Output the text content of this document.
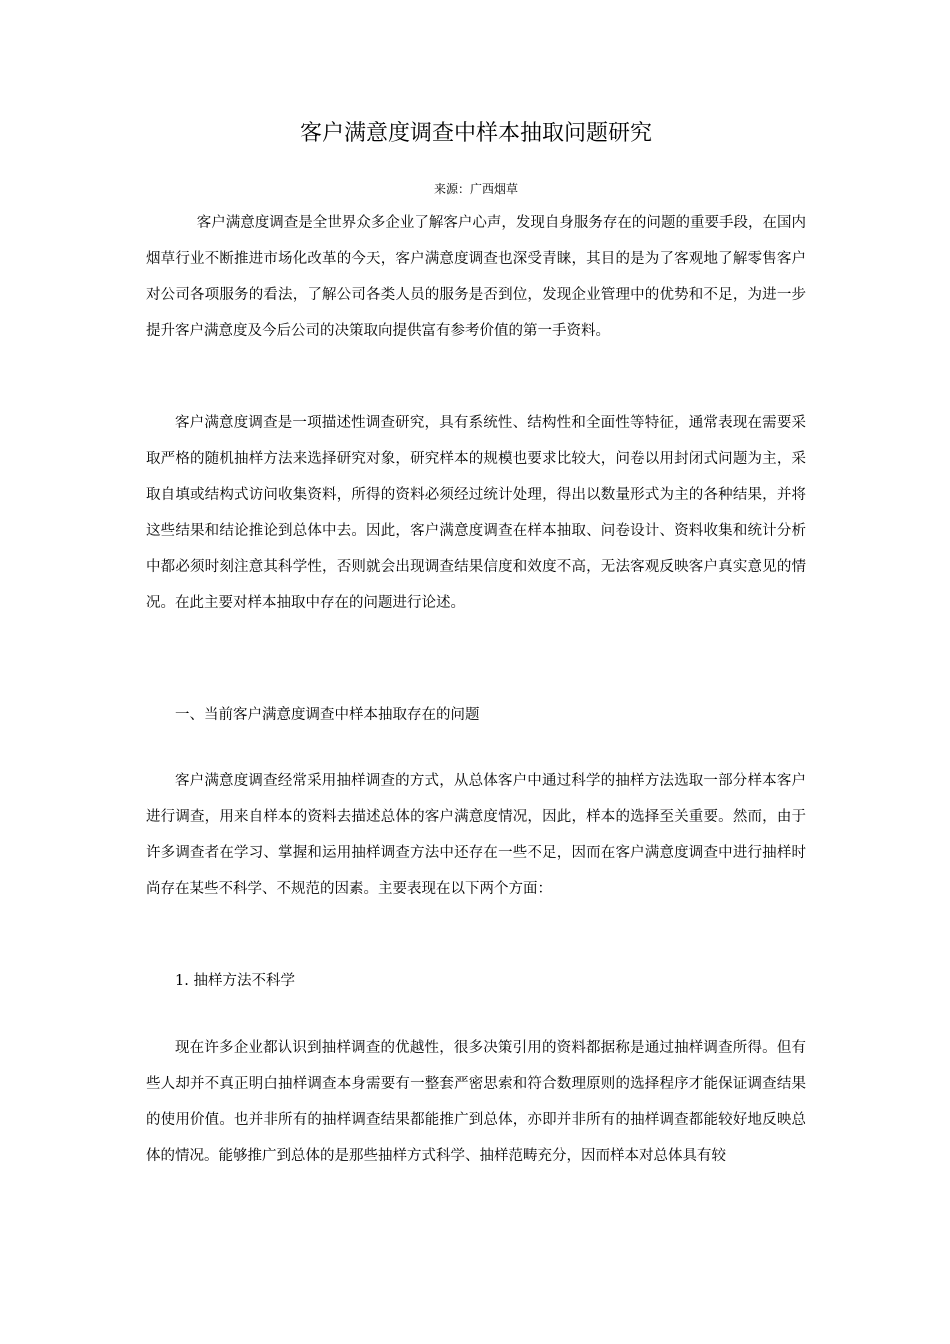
客户满意度调查中样本抽取问题研究
来源：广西烟草

客户满意度调查是全世界众多企业了解客户心声，发现自身服务存在的问题的重要手段，在国内烟草行业不断推进市场化改革的今天，客户满意度调查也深受青睐，其目的是为了客观地了解零售客户对公司各项服务的看法，了解公司各类人员的服务是否到位，发现企业管理中的优势和不足，为进一步提升客户满意度及今后公司的决策取向提供富有参考价值的第一手资料。

客户满意度调查是一项描述性调查研究，具有系统性、结构性和全面性等特征，通常表现在需要采取严格的随机抽样方法来选择研究对象，研究样本的规模也要求比较大，问卷以用封闭式问题为主，采取自填或结构式访问收集资料，所得的资料必须经过统计处理，得出以数量形式为主的各种结果，并将这些结果和结论推论到总体中去。因此，客户满意度调查在样本抽取、问卷设计、资料收集和统计分析中都必须时刻注意其科学性，否则就会出现调查结果信度和效度不高，无法客观反映客户真实意见的情况。在此主要对样本抽取中存在的问题进行论述。

一、当前客户满意度调查中样本抽取存在的问题

客户满意度调查经常采用抽样调查的方式，从总体客户中通过科学的抽样方法选取一部分样本客户进行调查，用来自样本的资料去描述总体的客户满意度情况，因此，样本的选择至关重要。然而，由于许多调查者在学习、掌握和运用抽样调查方法中还存在一些不足，因而在客户满意度调查中进行抽样时尚存在某些不科学、不规范的因素。主要表现在以下两个方面：

1. 抽样方法不科学

现在许多企业都认识到抽样调查的优越性，很多决策引用的资料都据称是通过抽样调查所得。但有些人却并不真正明白抽样调查本身需要有一整套严密思索和符合数理原则的选择程序才能保证调查结果的使用价值。也并非所有的抽样调查结果都能推广到总体，亦即并非所有的抽样调查都能较好地反映总体的情况。能够推广到总体的是那些抽样方式科学、抽样范畴充分，因而样本对总体具有较
